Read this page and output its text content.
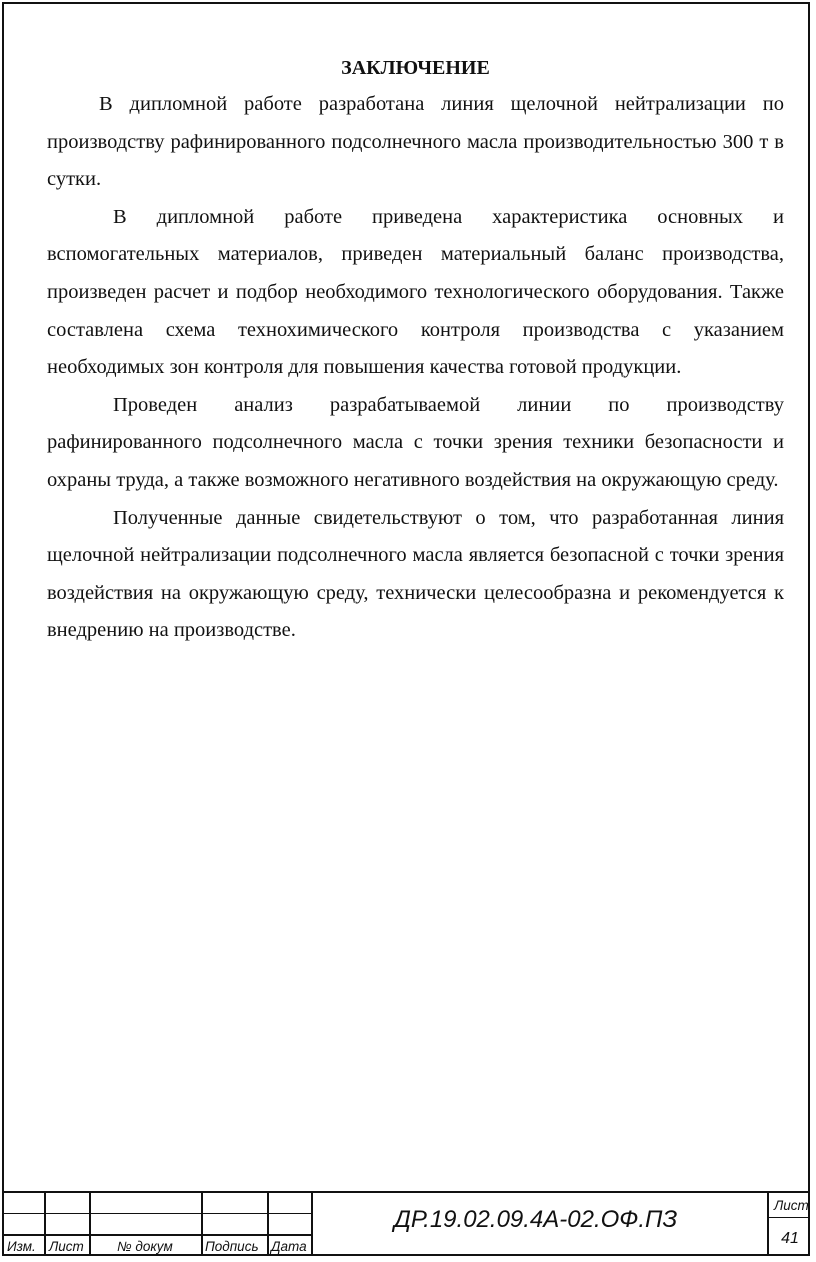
ЗАКЛЮЧЕНИЕ

В дипломной работе разработана линия щелочной нейтрализации по производству рафинированного подсолнечного масла производительностью 300 т в сутки.

В дипломной работе приведена характеристика основных и вспомогательных материалов, приведен материальный баланс производства, произведен расчет и подбор необходимого технологического оборудования. Также составлена схема технохимического контроля производства с указанием необходимых зон контроля для повышения качества готовой продукции.

Проведен анализ разрабатываемой линии по производству рафинированного подсолнечного масла с точки зрения техники безопасности и охраны труда, а также возможного негативного воздействия на окружающую среду.

Полученные данные свидетельствуют о том, что разработанная линия щелочной нейтрализации подсолнечного масла является безопасной с точки зрения воздействия на окружающую среду, технически целесообразна и рекомендуется к внедрению на производстве.

Изм. Лист № докум Подпись Дата
ДР.19.02.09.4А-02.ОФ.ПЗ
Лист
41
